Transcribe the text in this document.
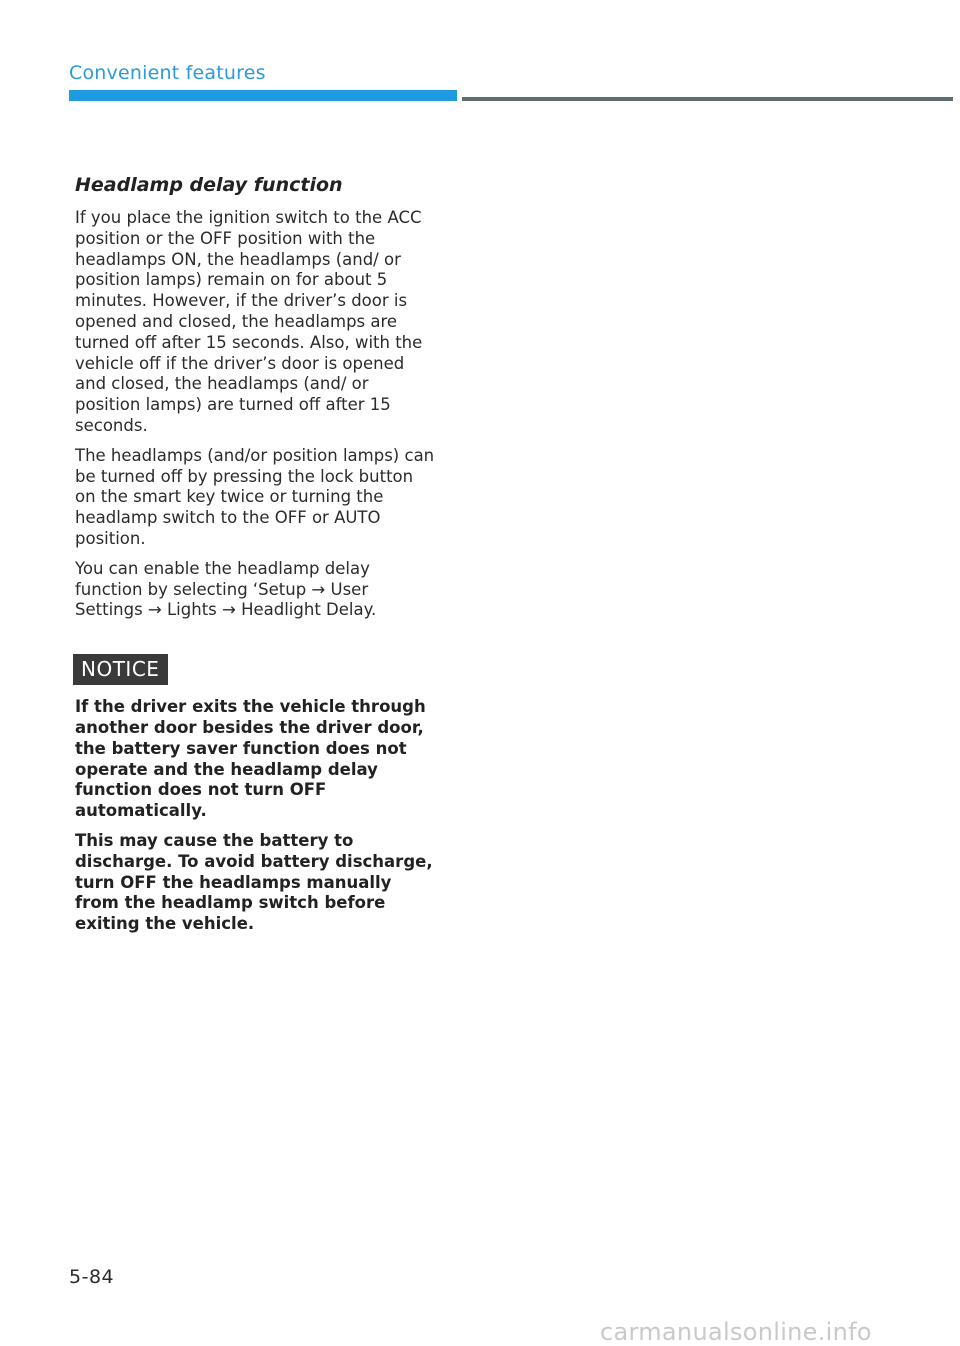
Convenient features
Headlamp delay function

If you place the ignition switch to the ACC position or the OFF position with the headlamps ON, the headlamps (and/ or position lamps) remain on for about 5 minutes. However, if the driver’s door is opened and closed, the headlamps are turned off after 15 seconds. Also, with the vehicle off if the driver’s door is opened and closed, the headlamps (and/ or position lamps) are turned off after 15 seconds.

The headlamps (and/or position lamps) can be turned off by pressing the lock button on the smart key twice or turning the headlamp switch to the OFF or AUTO position.

You can enable the headlamp delay function by selecting ‘Setup → User Settings → Lights → Headlight Delay.

NOTICE

If the driver exits the vehicle through another door besides the driver door, the battery saver function does not operate and the headlamp delay function does not turn OFF automatically.

This may cause the battery to discharge. To avoid battery discharge, turn OFF the headlamps manually from the headlamp switch before exiting the vehicle.

5-84
carmanualsonline.info
